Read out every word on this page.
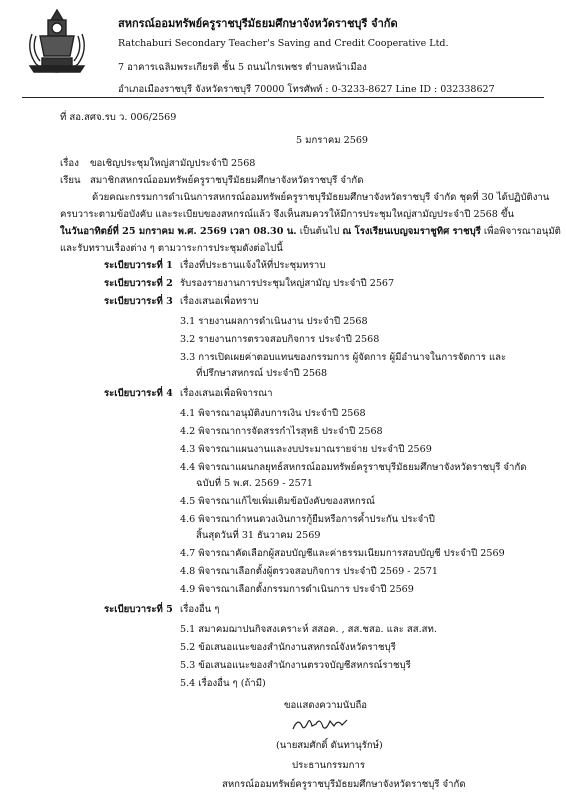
สหกรณ์ออมทรัพย์ครูราชบุรีมัธยมศึกษาจังหวัดราชบุรี จำกัด
Ratchaburi Secondary Teacher's Saving and Credit Cooperative Ltd.
7 อาคารเฉลิมพระเกียรติ ชั้น 5 ถนนไกรเพชร ตำบลหน้าเมือง
อำเภอเมืองราชบุรี จังหวัดราชบุรี 70000 โทรศัพท์ : 0-3233-8627 Line ID : 032338627
ที่ สอ.สศจ.รบ ว. 006/2569
5 มกราคม 2569
เรื่อง ขอเชิญประชุมใหญ่สามัญประจำปี 2568
เรียน สมาชิกสหกรณ์ออมทรัพย์ครูราชบุรีมัธยมศึกษาจังหวัดราชบุรี จำกัด
ด้วยคณะกรรมการดำเนินการสหกรณ์ออมทรัพย์ครูราชบุรีมัธยมศึกษาจังหวัดราชบุรี จำกัด ชุดที่ 30 ได้ปฏิบัติงาน
ครบวาระตามข้อบังคับ และระเบียบของสหกรณ์แล้ว จึงเห็นสมควรให้มีการประชุมใหญ่สามัญประจำปี 2568 ขึ้น
ในวันอาทิตย์ที่ 25 มกราคม พ.ศ. 2569 เวลา 08.30 น. เป็นต้นไป ณ โรงเรียนเบญจมราชูทิศ ราชบุรี เพื่อพิจารณาอนุมัติ
และรับทราบเรื่องต่าง ๆ ตามวาระการประชุมดังต่อไปนี้
ระเบียบวาระที่ 1 เรื่องที่ประธานแจ้งให้ที่ประชุมทราบ
ระเบียบวาระที่ 2 รับรองรายงานการประชุมใหญ่สามัญ ประจำปี 2567
ระเบียบวาระที่ 3 เรื่องเสนอเพื่อทราบ
3.1 รายงานผลการดำเนินงาน ประจำปี 2568
3.2 รายงานการตรวจสอบกิจการ ประจำปี 2568
3.3 การเปิดเผยค่าตอบแทนของกรรมการ ผู้จัดการ ผู้มีอำนาจในการจัดการ และ
ที่ปรึกษาสหกรณ์ ประจำปี 2568
ระเบียบวาระที่ 4 เรื่องเสนอเพื่อพิจารณา
4.1 พิจารณาอนุมัติงบการเงิน ประจำปี 2568
4.2 พิจารณาการจัดสรรกำไรสุทธิ ประจำปี 2568
4.3 พิจารณาแผนงานและงบประมาณรายจ่าย ประจำปี 2569
4.4 พิจารณาแผนกลยุทธ์สหกรณ์ออมทรัพย์ครูราชบุรีมัธยมศึกษาจังหวัดราชบุรี จำกัด
ฉบับที่ 5 พ.ศ. 2569 - 2571
4.5 พิจารณาแก้ไขเพิ่มเติมข้อบังคับของสหกรณ์
4.6 พิจารณากำหนดวงเงินการกู้ยืมหรือการค้ำประกัน ประจำปี
สิ้นสุดวันที่ 31 ธันวาคม 2569
4.7 พิจารณาคัดเลือกผู้สอบบัญชีและค่าธรรมเนียมการสอบบัญชี ประจำปี 2569
4.8 พิจารณาเลือกตั้งผู้ตรวจสอบกิจการ ประจำปี 2569 - 2571
4.9 พิจารณาเลือกตั้งกรรมการดำเนินการ ประจำปี 2569
ระเบียบวาระที่ 5 เรื่องอื่น ๆ
5.1 สมาคมฌาปนกิจสงเคราะห์ สสอค. , สส.ชสอ. และ สส.สท.
5.2 ข้อเสนอแนะของสำนักงานสหกรณ์จังหวัดราชบุรี
5.3 ข้อเสนอแนะของสำนักงานตรวจบัญชีสหกรณ์ราชบุรี
5.4 เรื่องอื่น ๆ (ถ้ามี)
ขอแสดงความนับถือ
(นายสมศักดิ์ ดันทานุรักษ์)
ประธานกรรมการ
สหกรณ์ออมทรัพย์ครูราชบุรีมัธยมศึกษาจังหวัดราชบุรี จำกัด
